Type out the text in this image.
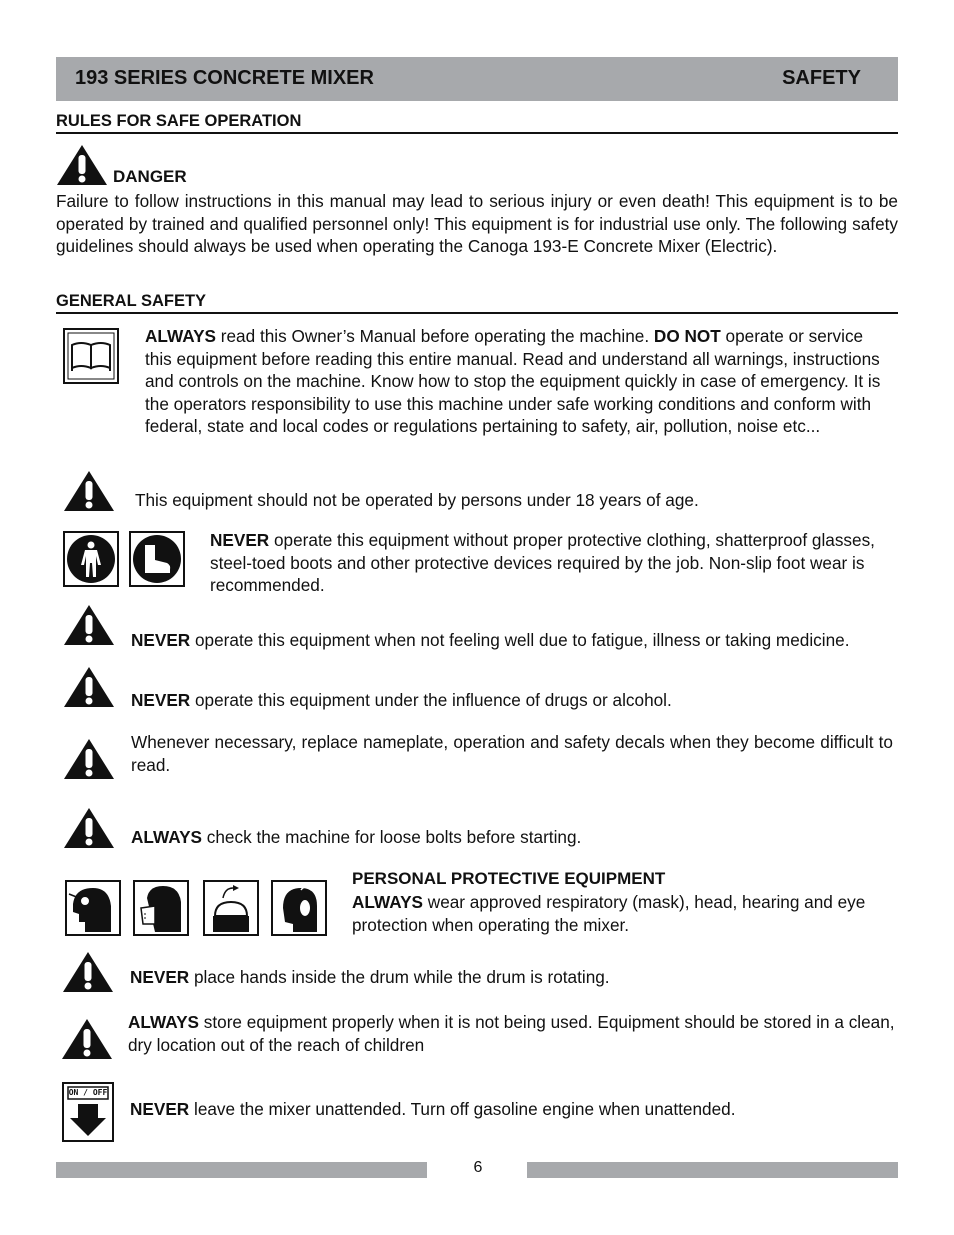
193 SERIES CONCRETE MIXER	SAFETY
RULES FOR SAFE OPERATION
DANGER
Failure to follow instructions in this manual may lead to serious injury or even death! This equipment is to be operated by trained and qualified personnel only! This equipment is for industrial use only. The following safety guidelines should always be used when operating the Canoga 193-E Concrete Mixer (Electric).
GENERAL SAFETY
ALWAYS read this Owner’s Manual before operating the machine. DO NOT operate or service this equipment before reading this entire manual. Read and understand all warnings, instructions and controls on the machine. Know how to stop the equipment quickly in case of emergency. It is the operators responsibility to use this machine under safe working conditions and conform with federal, state and local codes or regulations pertaining to safety, air, pollution, noise etc...
This equipment should not be operated by persons under 18 years of age.
NEVER operate this equipment without proper protective clothing, shatterproof glasses, steel-toed boots and other protective devices required by the job. Non-slip foot wear is recommended.
NEVER operate this equipment when not feeling well due to fatigue, illness or taking medicine.
NEVER operate this equipment under the influence of drugs or alcohol.
Whenever necessary, replace nameplate, operation and safety decals when they become difficult to read.
ALWAYS check the machine for loose bolts before starting.
PERSONAL PROTECTIVE EQUIPMENT
ALWAYS wear approved respiratory (mask), head, hearing and eye protection when operating the mixer.
NEVER place hands inside the drum while the drum is rotating.
ALWAYS store equipment properly when it is not being used. Equipment should be stored in a clean, dry location out of the reach of children
ON / OFF
NEVER leave the mixer unattended. Turn off gasoline engine when unattended.
6
